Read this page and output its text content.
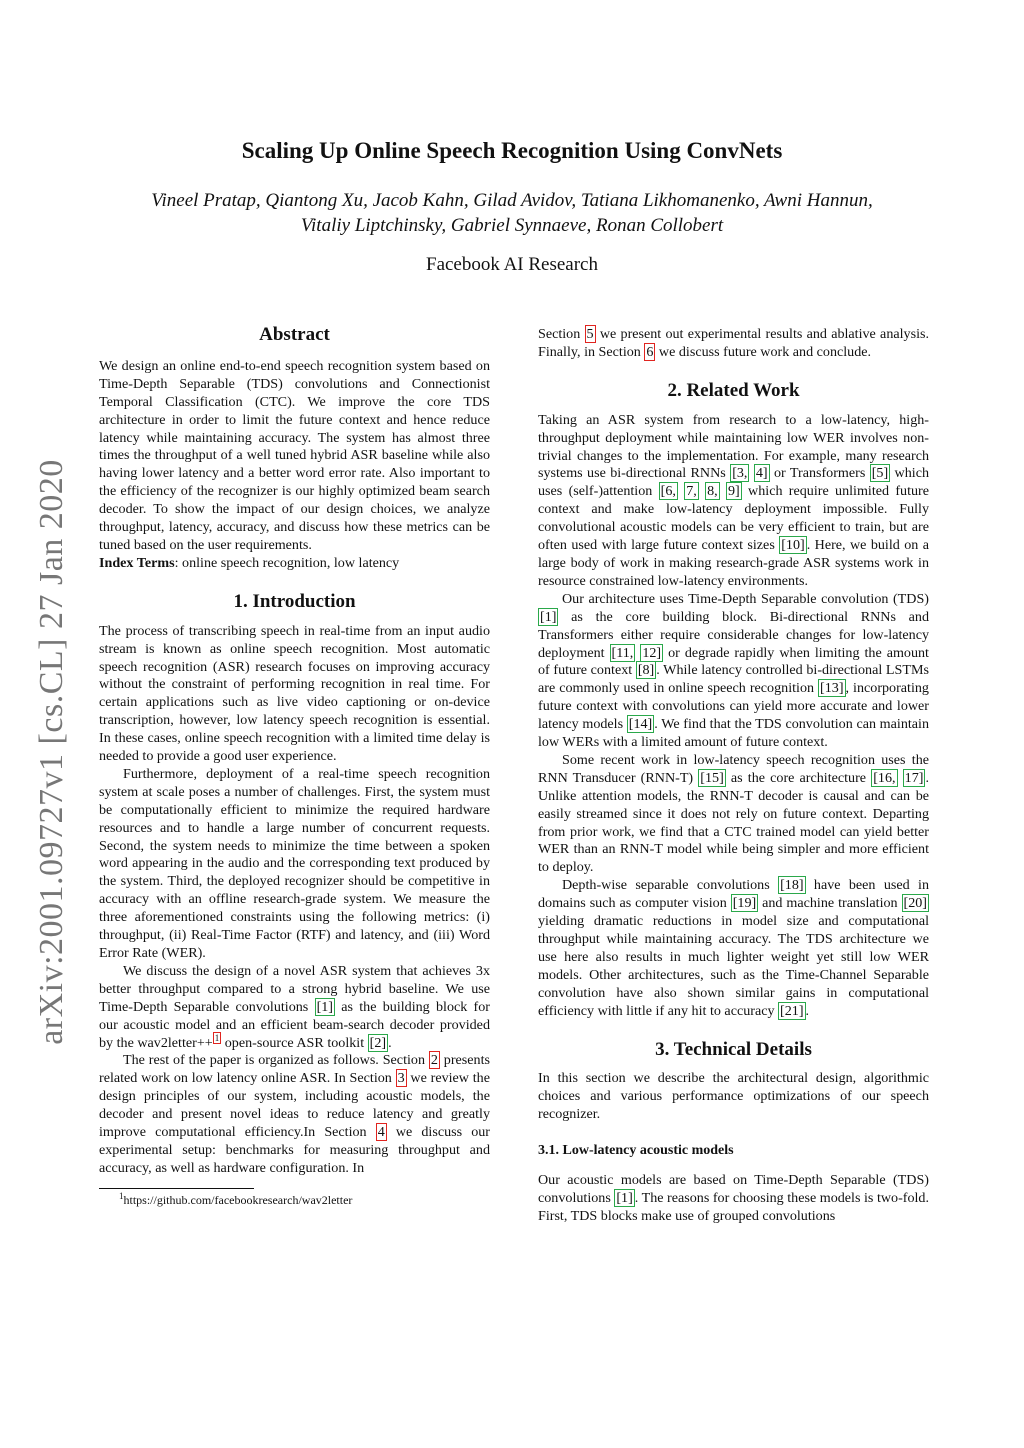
arXiv:2001.09727v1 [cs.CL] 27 Jan 2020
Scaling Up Online Speech Recognition Using ConvNets
Vineel Pratap, Qiantong Xu, Jacob Kahn, Gilad Avidov, Tatiana Likhomanenko, Awni Hannun,
Vitaliy Liptchinsky, Gabriel Synnaeve, Ronan Collobert
Facebook AI Research
Abstract

We design an online end-to-end speech recognition system based on Time-Depth Separable (TDS) convolutions and Connectionist Temporal Classification (CTC). We improve the core TDS architecture in order to limit the future context and hence reduce latency while maintaining accuracy. The system has almost three times the throughput of a well tuned hybrid ASR baseline while also having lower latency and a better word error rate. Also important to the efficiency of the recognizer is our highly optimized beam search decoder. To show the impact of our design choices, we analyze throughput, latency, accuracy, and discuss how these metrics can be tuned based on the user requirements.

Index Terms: online speech recognition, low latency

1. Introduction

The process of transcribing speech in real-time from an input audio stream is known as online speech recognition. Most automatic speech recognition (ASR) research focuses on improving accuracy without the constraint of performing recognition in real time. For certain applications such as live video captioning or on-device transcription, however, low latency speech recognition is essential. In these cases, online speech recognition with a limited time delay is needed to provide a good user experience.

Furthermore, deployment of a real-time speech recognition system at scale poses a number of challenges. First, the system must be computationally efficient to minimize the required hardware resources and to handle a large number of concurrent requests. Second, the system needs to minimize the time between a spoken word appearing in the audio and the corresponding text produced by the system. Third, the deployed recognizer should be competitive in accuracy with an offline research-grade system. We measure the three aforementioned constraints using the following metrics: (i) throughput, (ii) Real-Time Factor (RTF) and latency, and (iii) Word Error Rate (WER).

We discuss the design of a novel ASR system that achieves 3x better throughput compared to a strong hybrid baseline. We use Time-Depth Separable convolutions [1] as the building block for our acoustic model and an efficient beam-search decoder provided by the wav2letter++ $^1$ open-source ASR toolkit [2] .

The rest of the paper is organized as follows. Section 2 presents related work on low latency online ASR. In Section 3 we review the design principles of our system, including acoustic models, the decoder and present novel ideas to reduce latency and greatly improve computational efficiency.In Section 4 we discuss our experimental setup: benchmarks for measuring throughput and accuracy, as well as hardware configuration. In

$^1$https://github.com/facebookresearch/wav2letter

Section 5 we present out experimental results and ablative analysis. Finally, in Section 6 we discuss future work and conclude.

2. Related Work

Taking an ASR system from research to a low-latency, high-throughput deployment while maintaining low WER involves non-trivial changes to the implementation. For example, many research systems use bi-directional RNNs [3, 4] or Transformers [5] which uses (self-)attention [6, 7, 8, 9] which require unlimited future context and make low-latency deployment impossible. Fully convolutional acoustic models can be very efficient to train, but are often used with large future context sizes [10] . Here, we build on a large body of work in making research-grade ASR systems work in resource constrained low-latency environments.

Our architecture uses Time-Depth Separable convolution (TDS) [1] as the core building block. Bi-directional RNNs and Transformers either require considerable changes for low-latency deployment [11, 12] or degrade rapidly when limiting the amount of future context [8] . While latency controlled bi-directional LSTMs are commonly used in online speech recognition [13] , incorporating future context with convolutions can yield more accurate and lower latency models [14] . We find that the TDS convolution can maintain low WERs with a limited amount of future context.

Some recent work in low-latency speech recognition uses the RNN Transducer (RNN-T) [15] as the core architecture [16, 17] . Unlike attention models, the RNN-T decoder is causal and can be easily streamed since it does not rely on future context. Departing from prior work, we find that a CTC trained model can yield better WER than an RNN-T model while being simpler and more efficient to deploy.

Depth-wise separable convolutions [18] have been used in domains such as computer vision [19] and machine translation [20] yielding dramatic reductions in model size and computational throughput while maintaining accuracy. The TDS architecture we use here also results in much lighter weight yet still low WER models. Other architectures, such as the Time-Channel Separable convolution have also shown similar gains in computational efficiency with little if any hit to accuracy [21] .

3. Technical Details

In this section we describe the architectural design, algorithmic choices and various performance optimizations of our speech recognizer.

3.1. Low-latency acoustic models

Our acoustic models are based on Time-Depth Separable (TDS) convolutions [1] . The reasons for choosing these models is two-fold. First, TDS blocks make use of grouped convolutions
